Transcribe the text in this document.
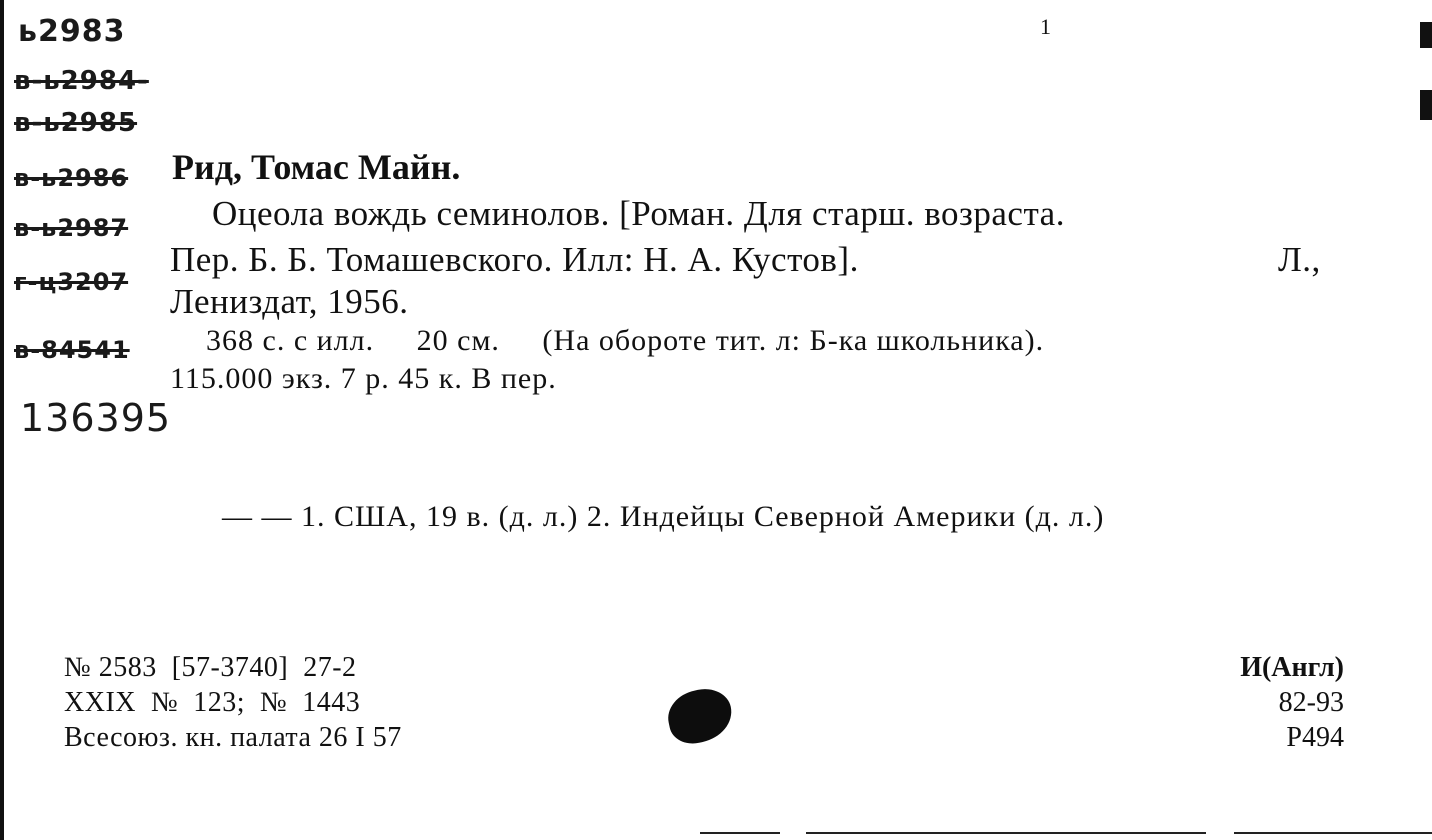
1
ь2983
в-ь2984-
в-ь2985
в-ь2986
в-ь2987
г-ц3207
в-84541
136395
Рид, Томас Майн.
Оцеола вождь семинолов. [Роман. Для старш. возраста.
Пер. Б. Б. Томашевского. Илл: Н. А. Кустов].	Л.,
Лениздат, 1956.
368 с. с илл.     20 см.     (На обороте тит. л: Б-ка школьника).
115.000 экз. 7 р. 45 к. В пер.
— — 1. США, 19 в. (д. л.) 2. Индейцы Северной Америки (д. л.)
№ 2583  [57-3740]  27-2
XXIX  №  123;  №  1443
Всесоюз. кн. палата 26 I 57
И(Англ)
82-93
Р494
